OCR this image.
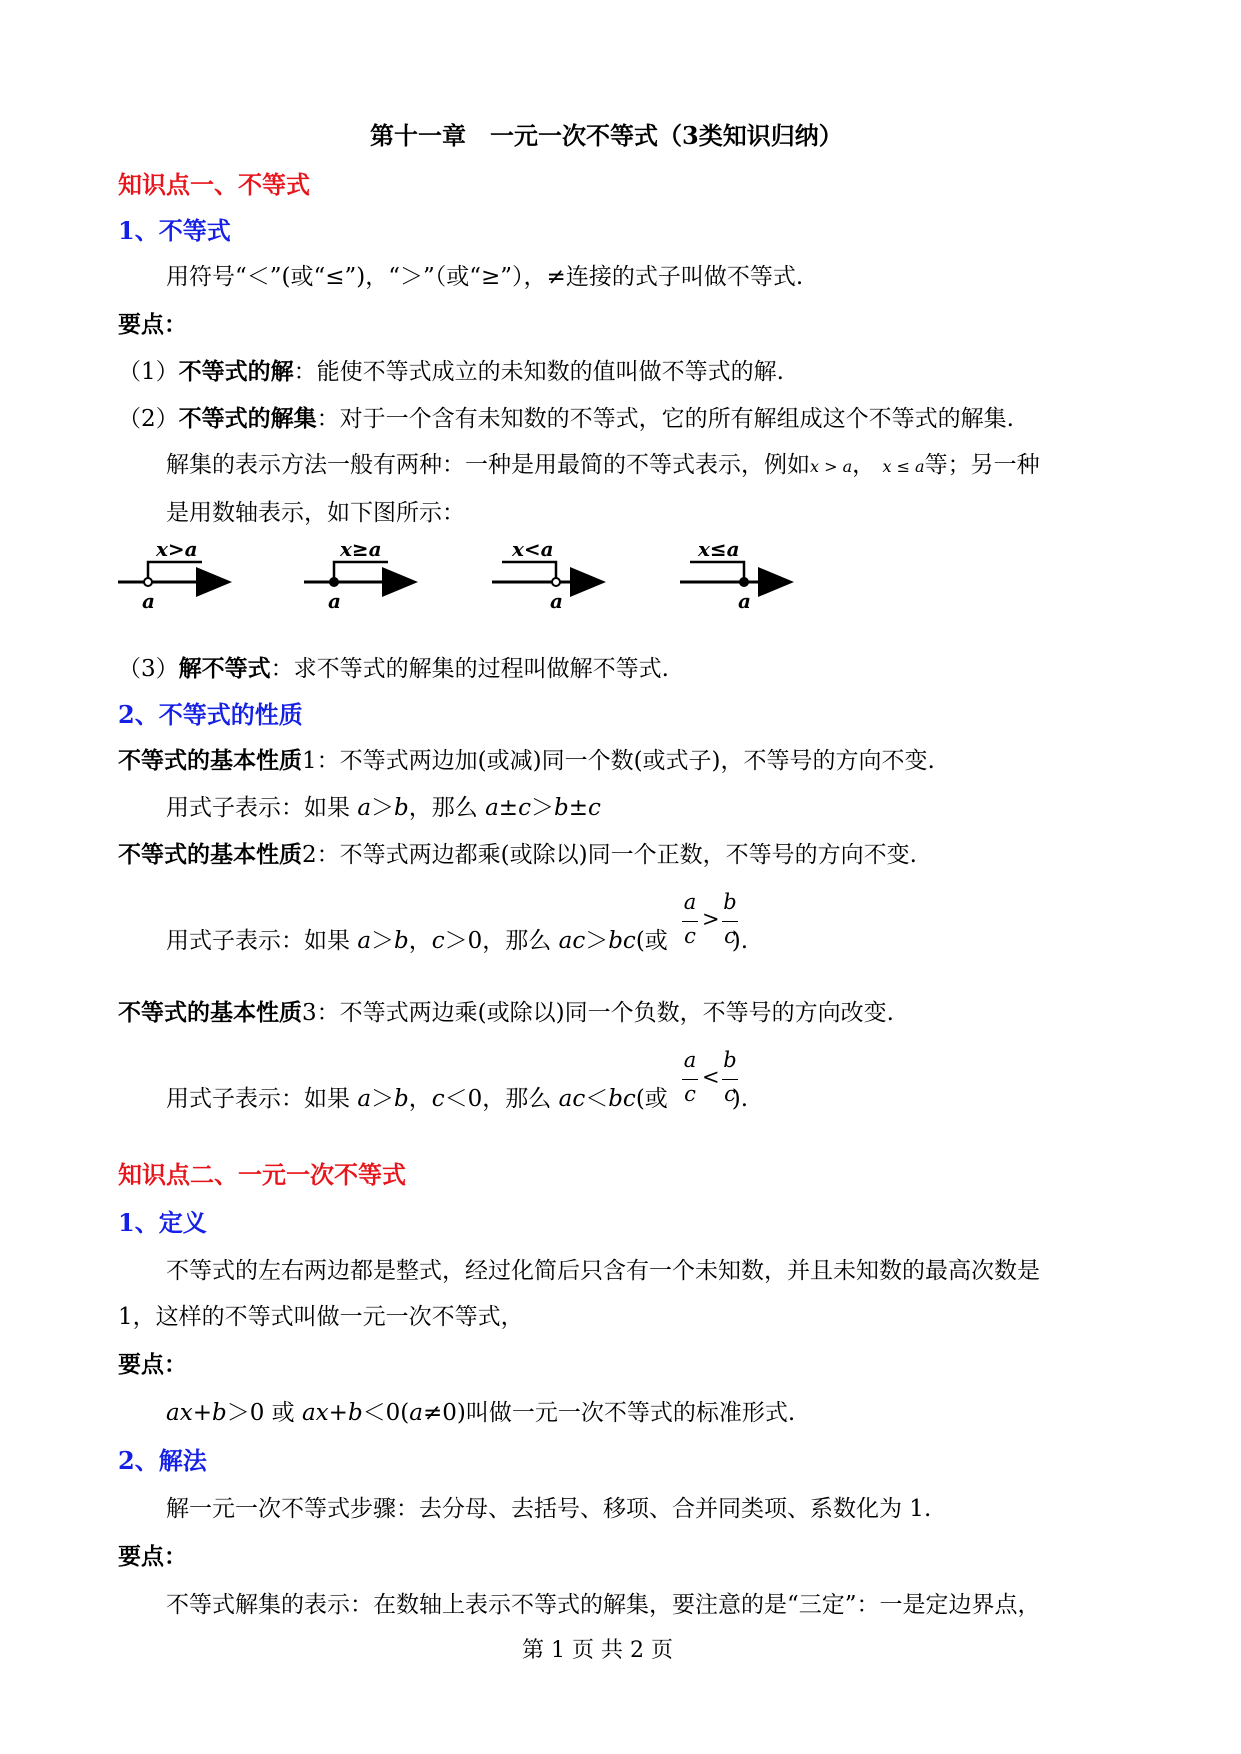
第十一章　一元一次不等式（3类知识归纳）
知识点一、不等式
1、不等式
用符号“＜”(或“≤”)，“＞”（或“≥”），≠连接的式子叫做不等式.
要点：
（1）不等式的解：能使不等式成立的未知数的值叫做不等式的解.
（2）不等式的解集：对于一个含有未知数的不等式，它的所有解组成这个不等式的解集.
解集的表示方法一般有两种：一种是用最简的不等式表示，例如x > a， x ≤ a等；另一种
是用数轴表示，如下图所示：
x>a
a
x≥a
a
x<a
a
x≤a
a
（3）解不等式：求不等式的解集的过程叫做解不等式.
2、不等式的性质
不等式的基本性质1：不等式两边加(或减)同一个数(或式子)，不等号的方向不变.
用式子表示：如果 a＞b，那么 a±c＞b±c
不等式的基本性质2：不等式两边都乘(或除以)同一个正数，不等号的方向不变.
用式子表示：如果 a＞b，c＞0，那么 ac＞bc(或	).
a
c
>
b
c
不等式的基本性质3：不等式两边乘(或除以)同一个负数，不等号的方向改变.
用式子表示：如果 a＞b，c＜0，那么 ac＜bc(或	).
a
c
<
b
c
知识点二、一元一次不等式
1、定义
不等式的左右两边都是整式，经过化简后只含有一个未知数，并且未知数的最高次数是
1，这样的不等式叫做一元一次不等式，
要点：
ax+b＞0 或 ax+b＜0(a≠0)叫做一元一次不等式的标准形式.
2、解法
解一元一次不等式步骤：去分母、去括号、移项、合并同类项、系数化为 1.
要点：
不等式解集的表示：在数轴上表示不等式的解集，要注意的是“三定”：一是定边界点，
第 1 页 共 2 页
